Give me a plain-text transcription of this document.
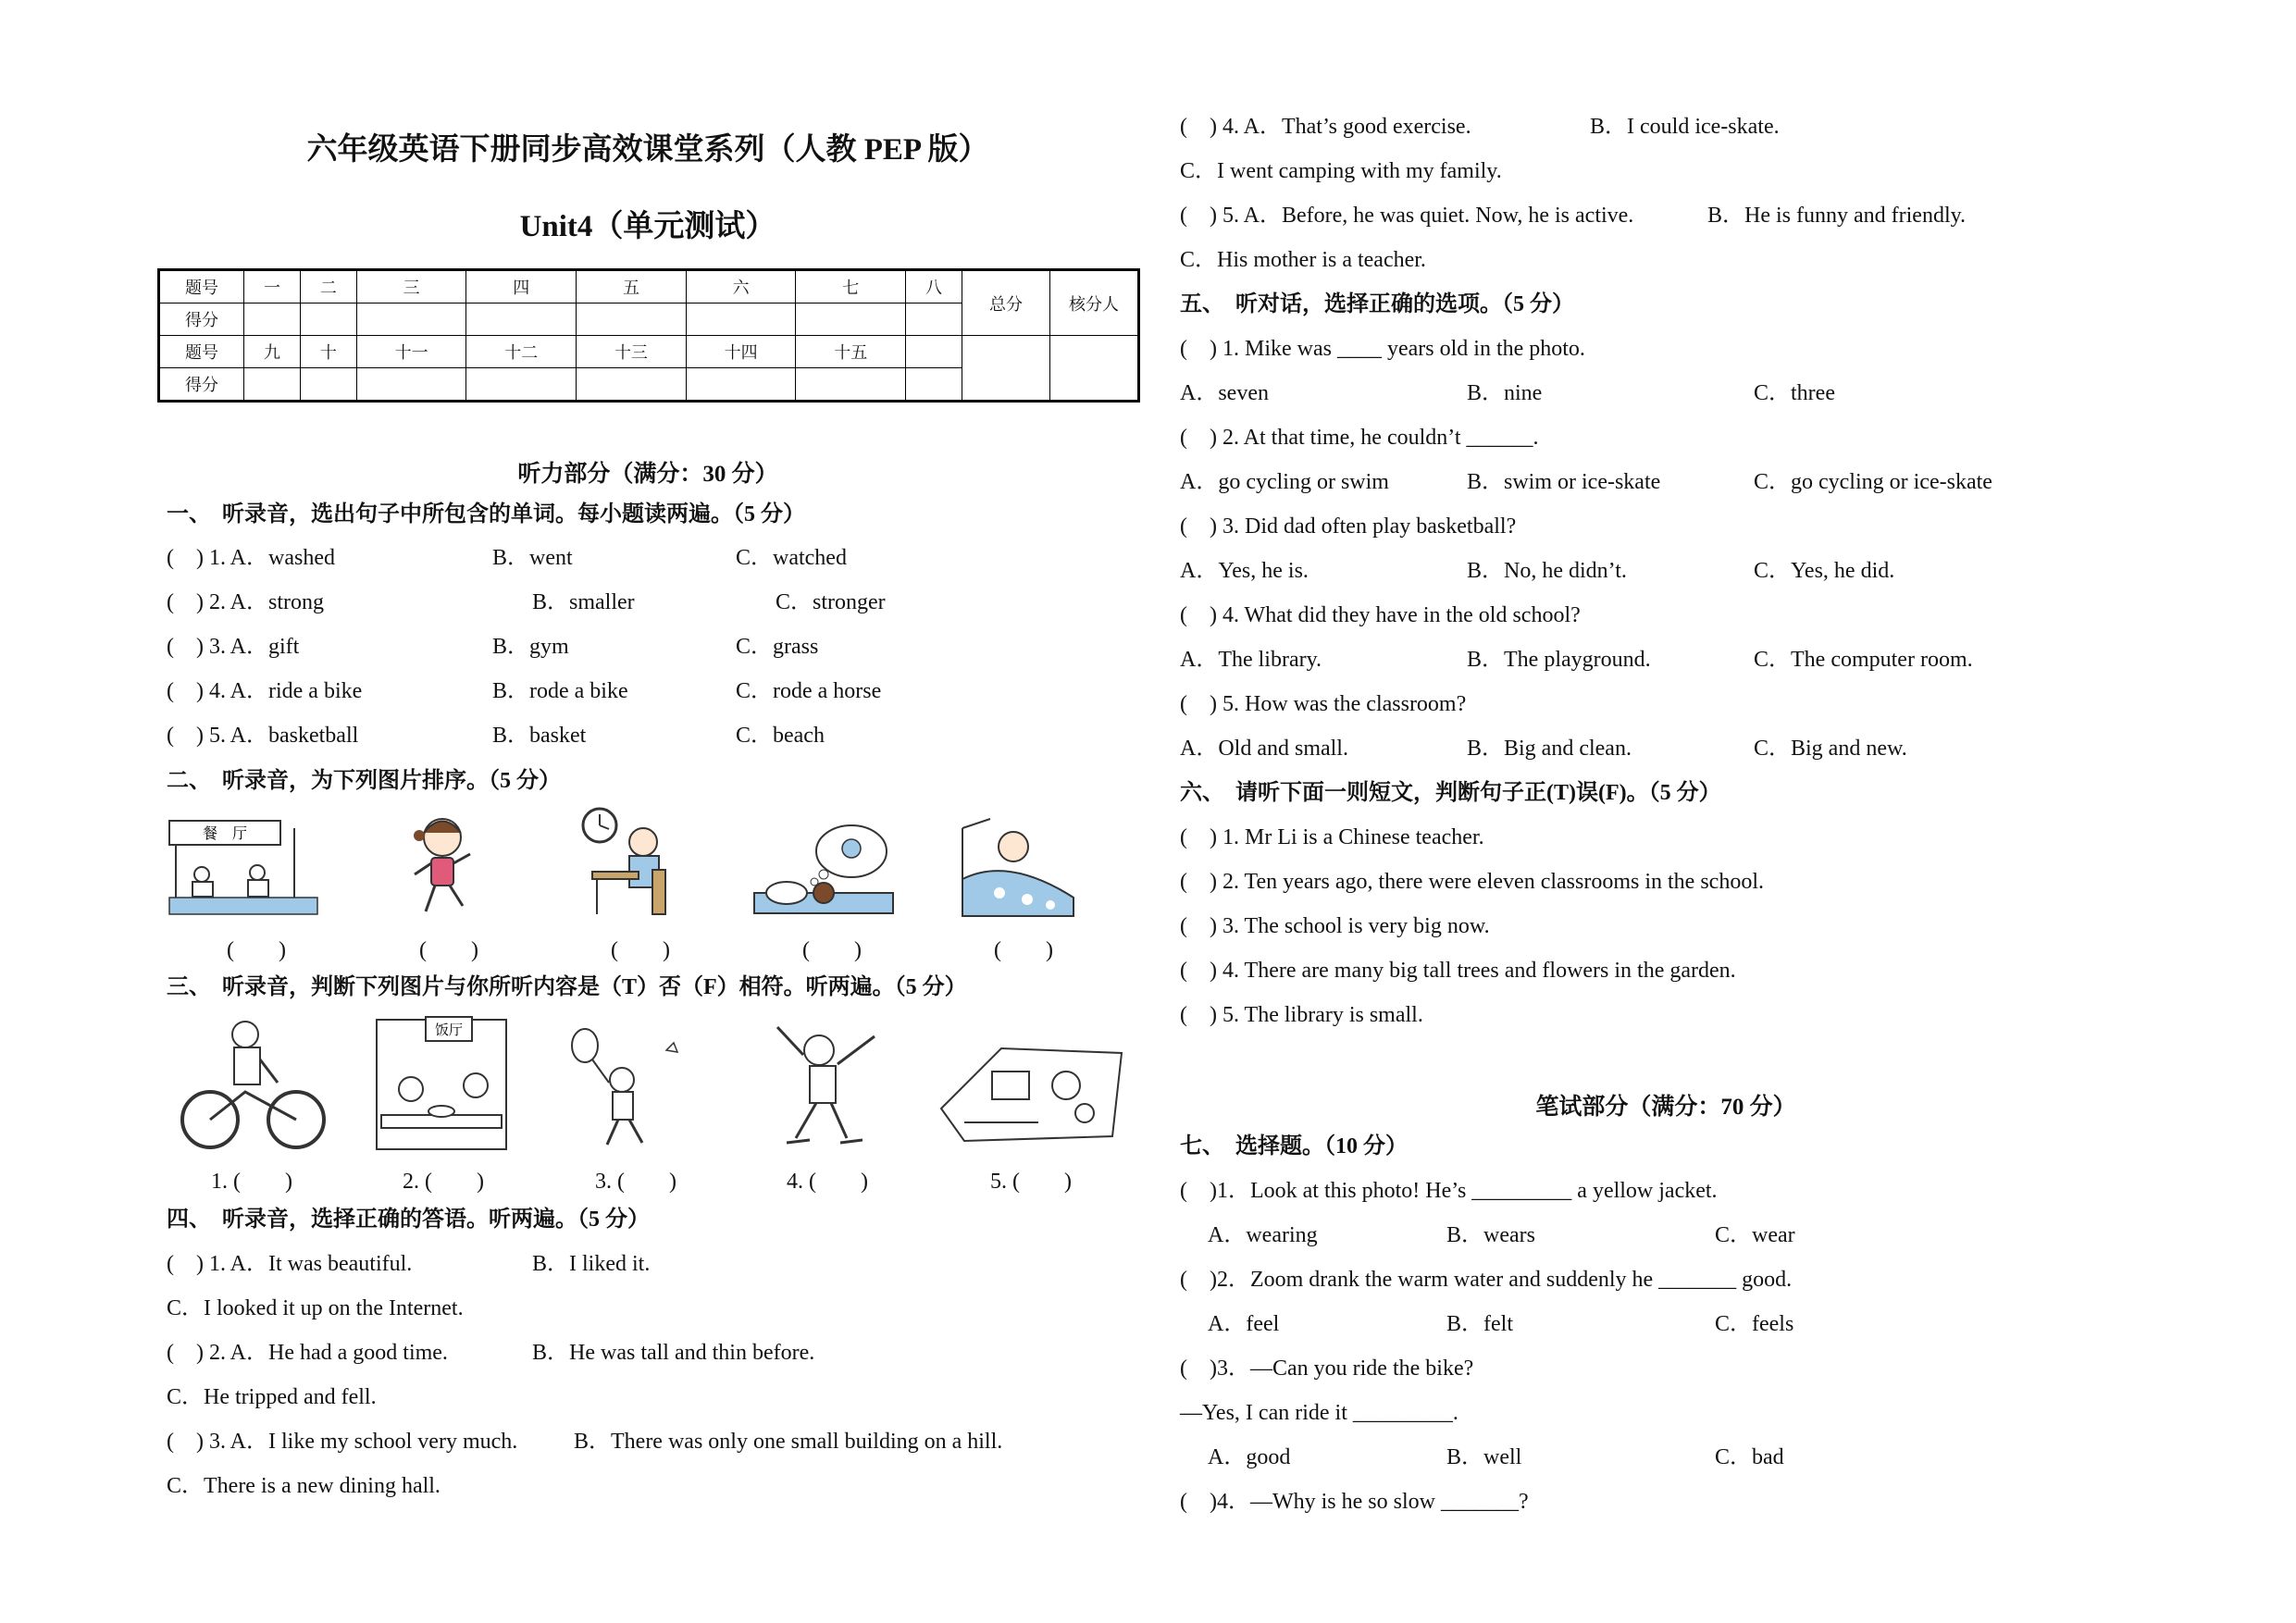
六年级英语下册同步高效课堂系列（人教 PEP 版）
Unit4（单元测试）
题号	一	二	三	四	五	六	七	八	总分	核分人
得分										
题号	九	十	十一	十二	十三	十四	十五			
得分										
听力部分（满分：30 分）
一、　听录音，选出句子中所包含的单词。每小题读两遍。（5 分）
(　) 1. A．washed	B．went	C．watched
(　) 2. A．strong	B．smaller	C．stronger
(　) 3. A．gift	B．gym	C．grass
(　) 4. A．ride a bike	B．rode a bike	C．rode a horse
(　) 5. A．basketball	B．basket	C．beach
二、　听录音，为下列图片排序。（5 分）
餐　厅
(　　)	(　　)	(　　)	(　　)	(　　)
三、　听录音，判断下列图片与你所听内容是（T）否（F）相符。听两遍。（5 分）
饭厅
1. (　　)	2. (　　)	3. (　　)	4. (　　)	5. (　　)
四、　听录音，选择正确的答语。听两遍。（5 分）
(　) 1. A．It was beautiful.	B．I liked it.
C．I looked it up on the Internet.
(　) 2. A．He had a good time.	B．He was tall and thin before.
C．He tripped and fell.
(　) 3. A．I like my school very much.	B．There was only one small building on a hill.
C．There is a new dining hall.
(　) 4. A．That’s good exercise.	B．I could ice-skate.
C．I went camping with my family.
(　) 5. A．Before, he was quiet. Now, he is active.	B．He is funny and friendly.
C．His mother is a teacher.
五、　听对话，选择正确的选项。（5 分）
(　) 1. Mike was ____ years old in the photo.
A．seven	B．nine	C．three
(　) 2. At that time, he couldn’t ______.
A．go cycling or swim	B．swim or ice-skate	C．go cycling or ice-skate
(　) 3. Did dad often play basketball?
A．Yes, he is.	B．No, he didn’t.	C．Yes, he did.
(　) 4. What did they have in the old school?
A．The library.	B．The playground.	C．The computer room.
(　) 5. How was the classroom?
A．Old and small.	B．Big and clean.	C．Big and new.
六、　请听下面一则短文，判断句子正(T)误(F)。（5 分）
(　) 1. Mr Li is a Chinese teacher.
(　) 2. Ten years ago, there were eleven classrooms in the school.
(　) 3. The school is very big now.
(　) 4. There are many big tall trees and flowers in the garden.
(　) 5. The library is small.
笔试部分（满分：70 分）
七、　选择题。（10 分）
(　)1．Look at this photo! He’s _________ a yellow jacket.
A．wearing	B．wears	C．wear
(　)2．Zoom drank the warm water and suddenly he _______ good.
A．feel	B．felt	C．feels
(　)3．—Can you ride the bike?
—Yes, I can ride it _________.
A．good	B．well	C．bad
(　)4．—Why is he so slow _______?
